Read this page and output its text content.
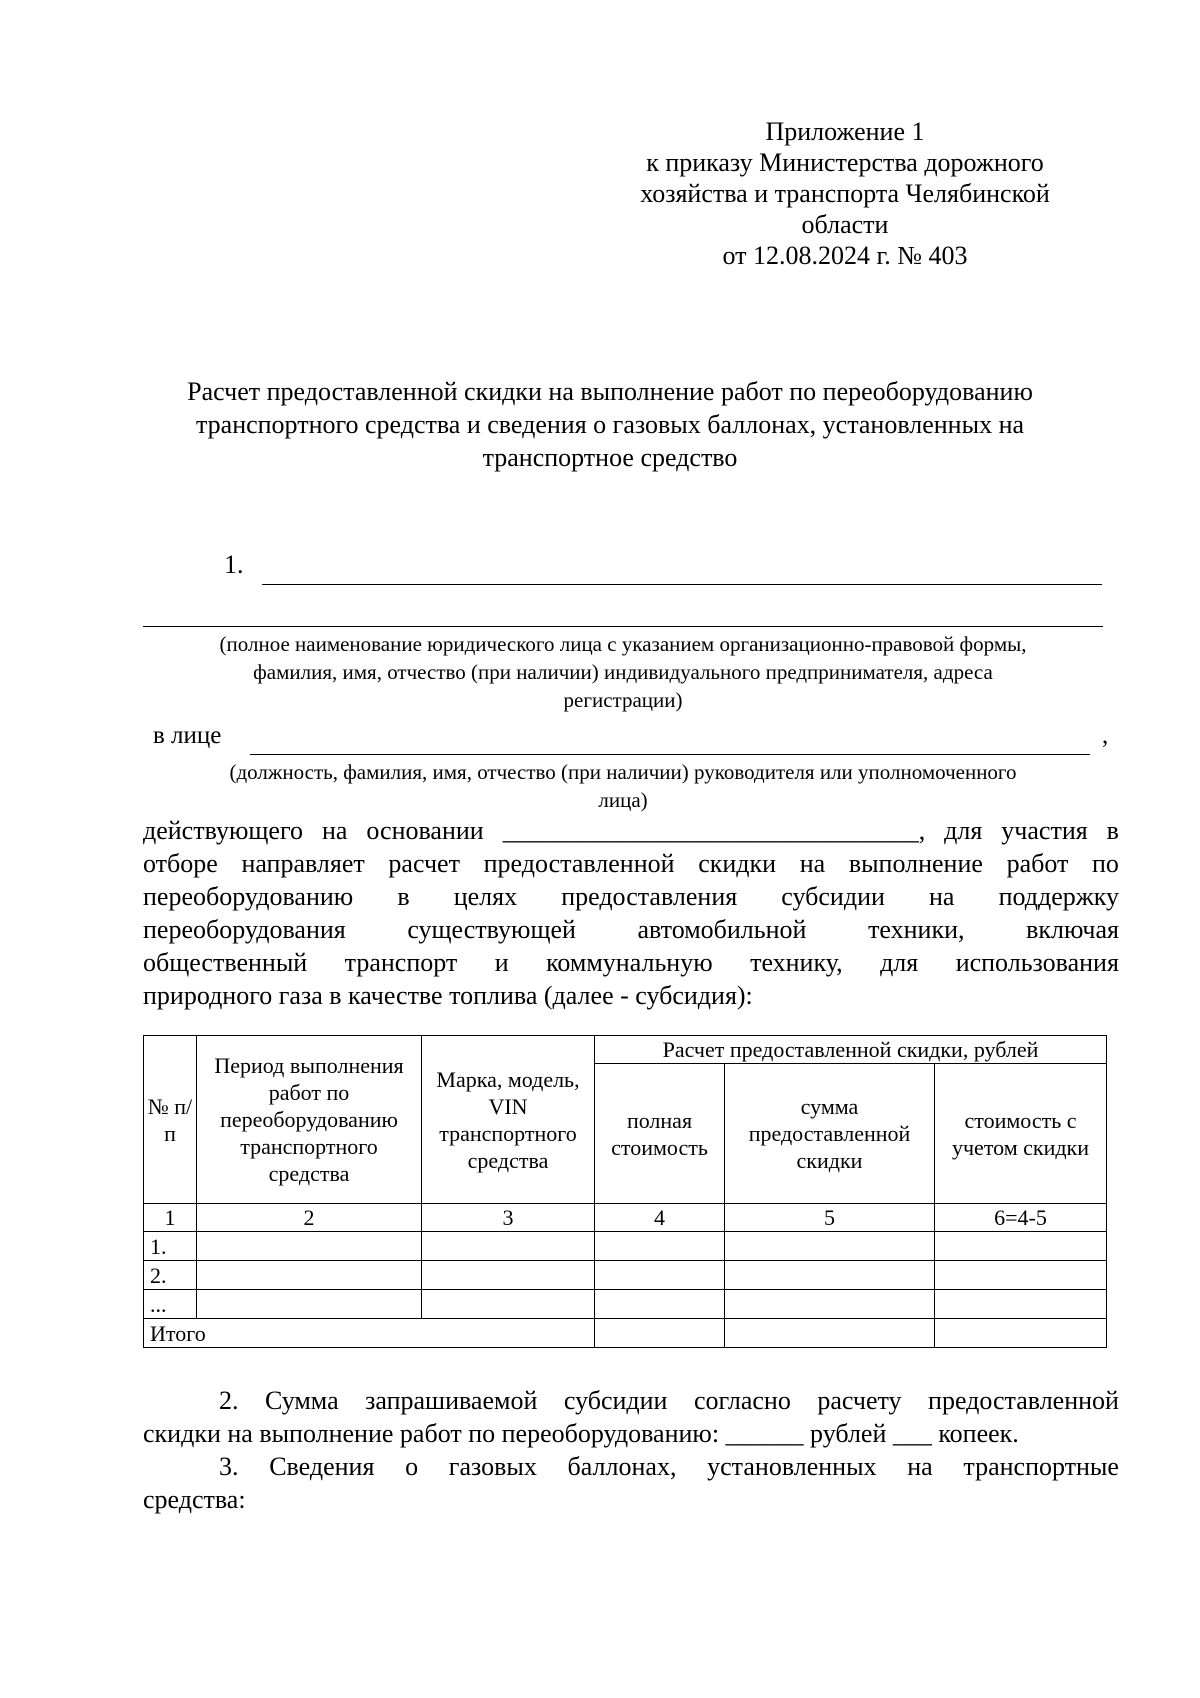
Приложение 1
к приказу Министерства дорожного
хозяйства и транспорта Челябинской
области
от 12.08.2024 г. № 403
Расчет предоставленной скидки на выполнение работ по переоборудованию
транспортного средства и сведения о газовых баллонах, установленных на
транспортное средство
1.
(полное наименование юридического лица с указанием организационно-правовой формы,
фамилия, имя, отчество (при наличии) индивидуального предпринимателя, адреса
регистрации)
в лице	,
(должность, фамилия, имя, отчество (при наличии) руководителя или уполномоченного
лица)
действующего на основании ________________________________, для участия в
отборе направляет расчет предоставленной скидки на выполнение работ по
переоборудованию в целях предоставления субсидии на поддержку
переоборудования существующей автомобильной техники, включая
общественный транспорт и коммунальную технику, для использования
природного газа в качестве топлива (далее - субсидия):
№ п/п	Период выполнения работ по переоборудованию транспортного средства	Марка, модель, VIN транспортного средства	Расчет предоставленной скидки, рублей		
			полная стоимость	сумма предоставленной скидки	стоимость с учетом скидки
1	2	3	4	5	6=4-5
1.					
2.					
...					
Итого					
2. Сумма запрашиваемой субсидии согласно расчету предоставленной
скидки на выполнение работ по переоборудованию: ______ рублей ___ копеек.
3. Сведения о газовых баллонах, установленных на транспортные
средства:
